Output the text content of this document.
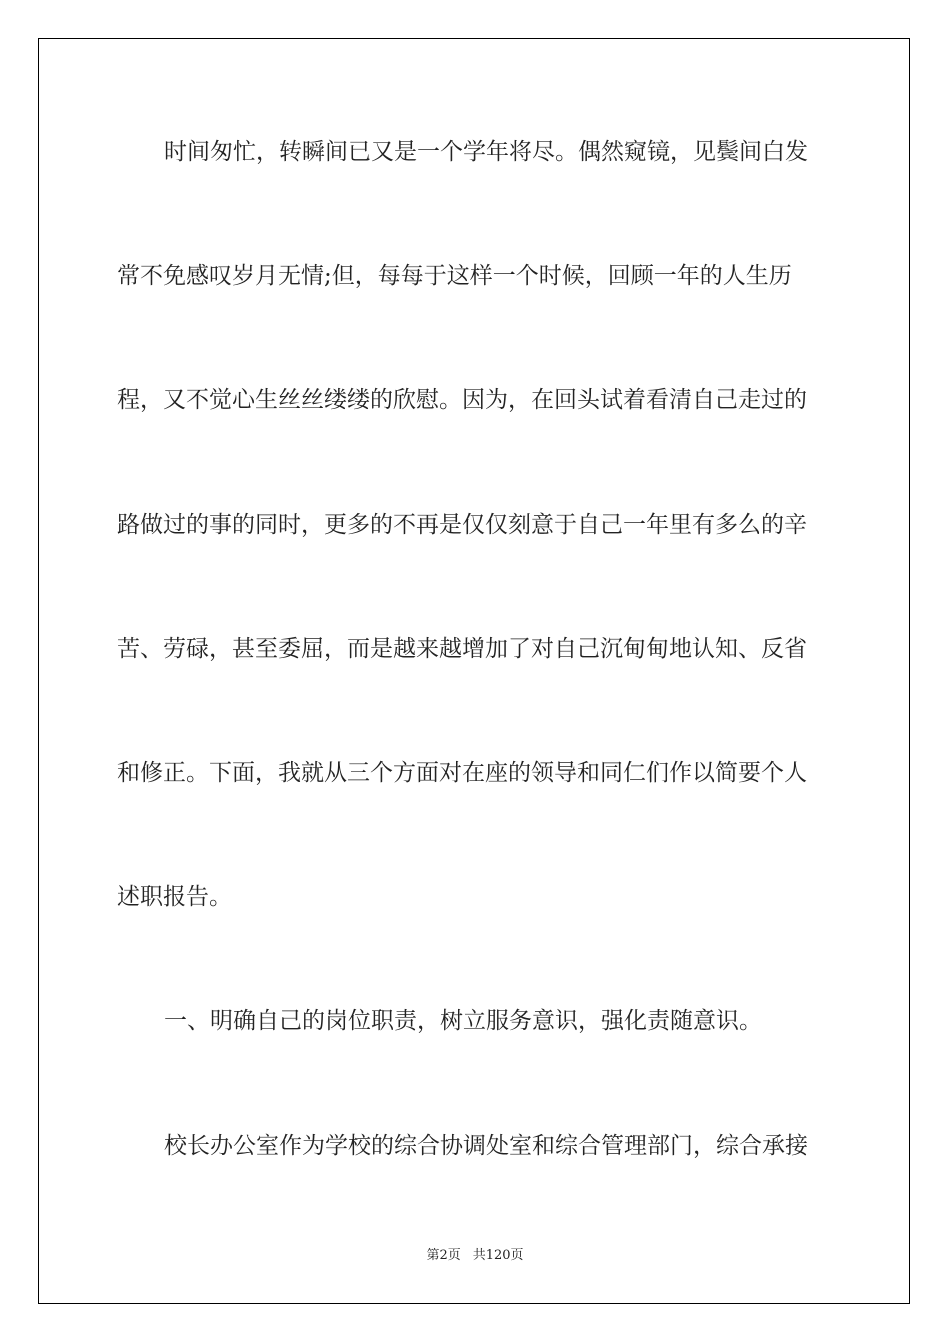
时间匆忙，转瞬间已又是一个学年将尽。偶然窥镜，见鬓间白发
常不免感叹岁月无情;但，每每于这样一个时候，回顾一年的人生历
程，又不觉心生丝丝缕缕的欣慰。因为，在回头试着看清自己走过的
路做过的事的同时，更多的不再是仅仅刻意于自己一年里有多么的辛
苦、劳碌，甚至委屈，而是越来越增加了对自己沉甸甸地认知、反省
和修正。下面，我就从三个方面对在座的领导和同仁们作以简要个人
述职报告。
一、明确自己的岗位职责，树立服务意识，强化责随意识。
校长办公室作为学校的综合协调处室和综合管理部门，综合承接
第2页 共120页
